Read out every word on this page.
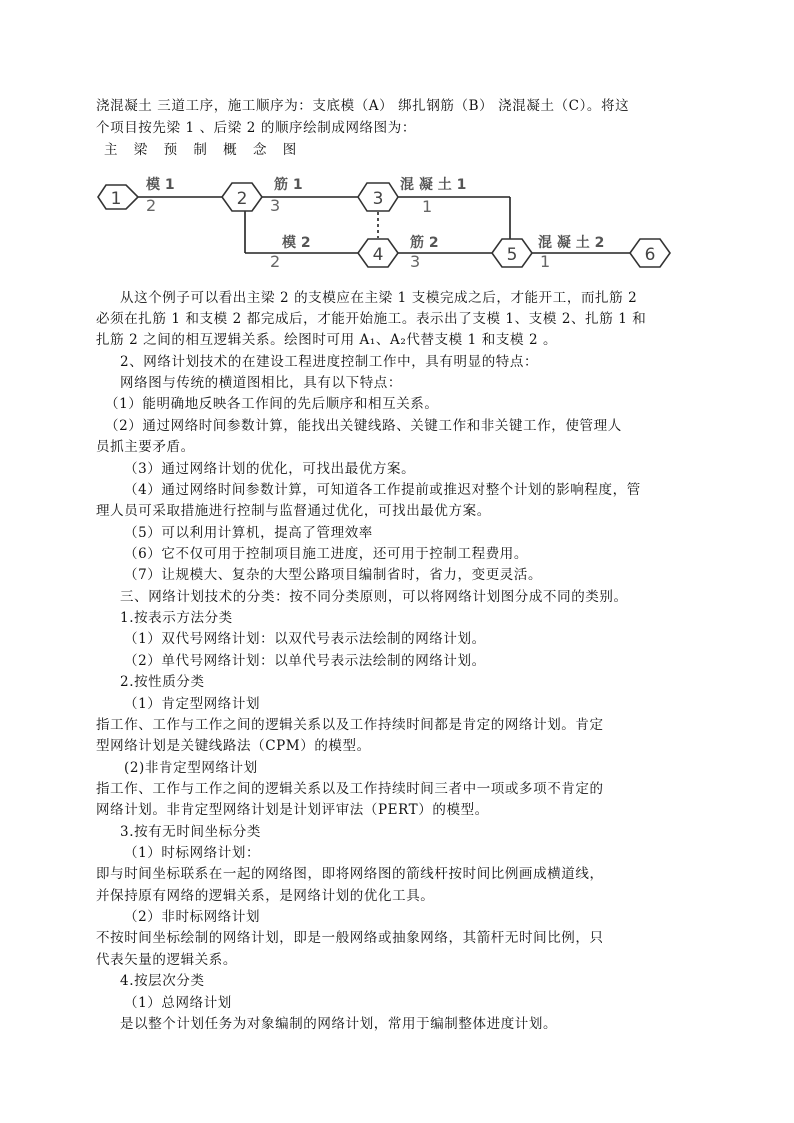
浇混凝土 三道工序，施工顺序为：支底模（A） 绑扎钢筋（B） 浇混凝土（C）。将这
个项目按先梁 1 、后梁 2 的顺序绘制成网络图为：
主 梁 预 制 概 念 图
1	2	3
4	5	6
模 1	筋 1	混 凝 土 1
模 2	筋 2	混 凝 土 2
2	3	1
2	3	1
从这个例子可以看出主梁 2 的支模应在主梁 1 支模完成之后，才能开工，而扎筋 2
必须在扎筋 1 和支模 2 都完成后，才能开始施工。表示出了支模 1、支模 2、扎筋 1 和
扎筋 2 之间的相互逻辑关系。绘图时可用 A₁、A₂代替支模 1 和支模 2 。
2、网络计划技术的在建设工程进度控制工作中，具有明显的特点：
网络图与传统的横道图相比，具有以下特点：
（1）能明确地反映各工作间的先后顺序和相互关系。
（2）通过网络时间参数计算，能找出关键线路、关键工作和非关键工作，使管理人
员抓主要矛盾。
（3）通过网络计划的优化，可找出最优方案。
（4）通过网络时间参数计算，可知道各工作提前或推迟对整个计划的影响程度，管
理人员可采取措施进行控制与监督通过优化，可找出最优方案。
（5）可以利用计算机，提高了管理效率
（6）它不仅可用于控制项目施工进度，还可用于控制工程费用。
（7）让规模大、复杂的大型公路项目编制省时，省力，变更灵活。
三、网络计划技术的分类：按不同分类原则，可以将网络计划图分成不同的类别。
1.按表示方法分类
（1）双代号网络计划：以双代号表示法绘制的网络计划。
（2）单代号网络计划：以单代号表示法绘制的网络计划。
2.按性质分类
（1）肯定型网络计划
指工作、工作与工作之间的逻辑关系以及工作持续时间都是肯定的网络计划。肯定
型网络计划是关键线路法（CPM）的模型。
(2)非肯定型网络计划
指工作、工作与工作之间的逻辑关系以及工作持续时间三者中一项或多项不肯定的
网络计划。非肯定型网络计划是计划评审法（PERT）的模型。
3.按有无时间坐标分类
（1）时标网络计划：
即与时间坐标联系在一起的网络图，即将网络图的箭线杆按时间比例画成横道线，
并保持原有网络的逻辑关系，是网络计划的优化工具。
（2）非时标网络计划
不按时间坐标绘制的网络计划，即是一般网络或抽象网络，其箭杆无时间比例，只
代表矢量的逻辑关系。
4.按层次分类
（1）总网络计划
是以整个计划任务为对象编制的网络计划，常用于编制整体进度计划。
